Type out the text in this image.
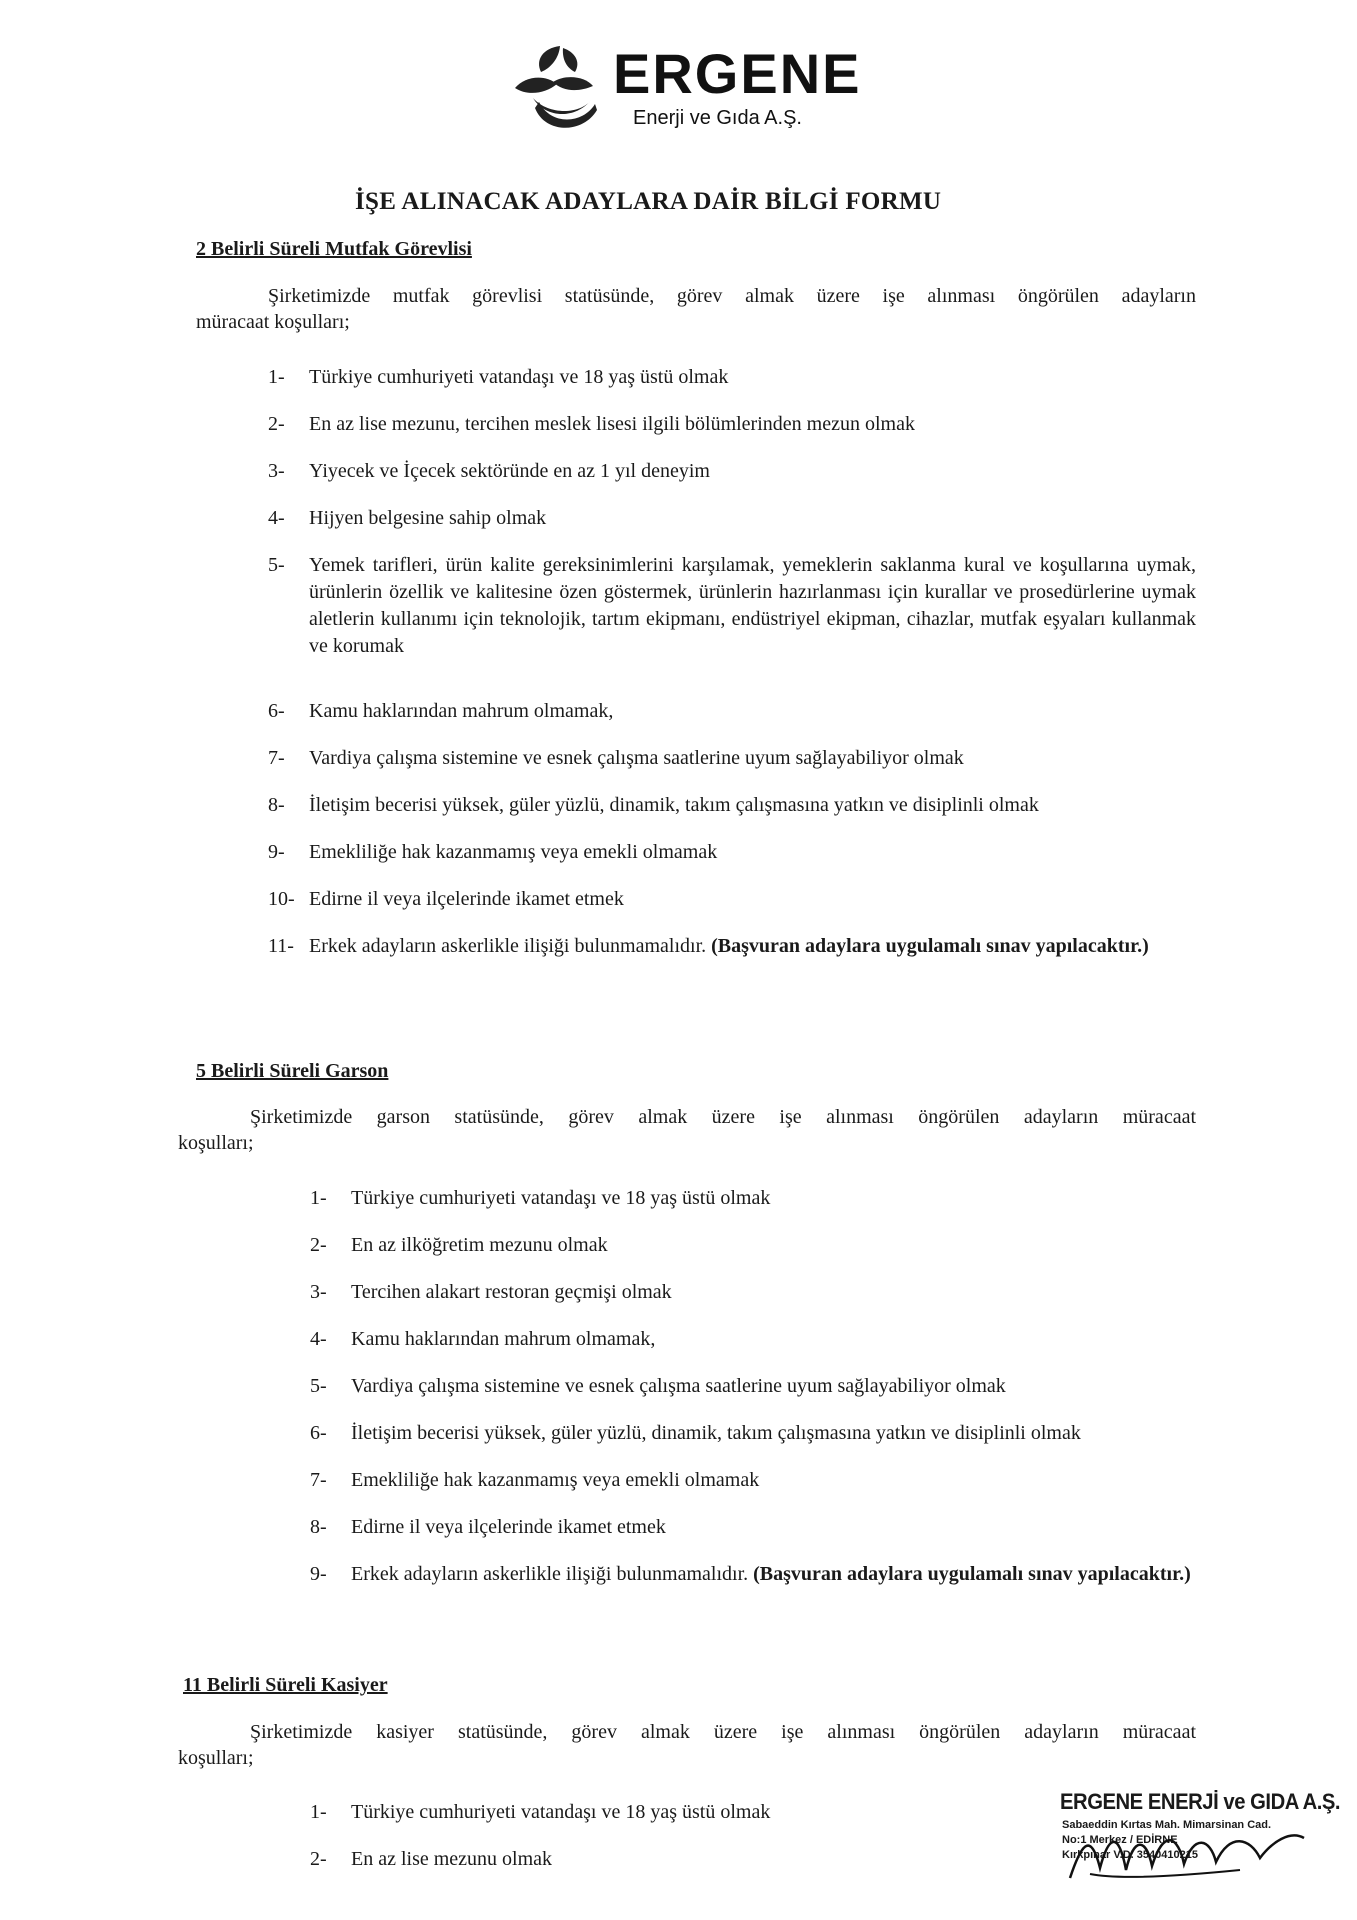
ERGENE
Enerji ve Gıda A.Ş.
İŞE ALINACAK ADAYLARA DAİR BİLGİ FORMU
2 Belirli Süreli Mutfak Görevlisi
Şirketimizde mutfak görevlisi statüsünde, görev almak üzere işe alınması öngörülen adayların
müracaat koşulları;
1- Türkiye cumhuriyeti vatandaşı ve 18 yaş üstü olmak
2- En az lise mezunu, tercihen meslek lisesi ilgili bölümlerinden mezun olmak
3- Yiyecek ve İçecek sektöründe en az 1 yıl deneyim
4- Hijyen belgesine sahip olmak
5- Yemek tarifleri, ürün kalite gereksinimlerini karşılamak, yemeklerin saklanma kural ve koşullarına uymak, ürünlerin özellik ve kalitesine özen göstermek, ürünlerin hazırlanması için kurallar ve prosedürlerine uymak aletlerin kullanımı için teknolojik, tartım ekipmanı, endüstriyel ekipman, cihazlar, mutfak eşyaları kullanmak ve korumak
6- Kamu haklarından mahrum olmamak,
7- Vardiya çalışma sistemine ve esnek çalışma saatlerine uyum sağlayabiliyor olmak
8- İletişim becerisi yüksek, güler yüzlü, dinamik, takım çalışmasına yatkın ve disiplinli olmak
9- Emekliliğe hak kazanmamış veya emekli olmamak
10- Edirne il veya ilçelerinde ikamet etmek
11- Erkek adayların askerlikle ilişiği bulunmamalıdır. (Başvuran adaylara uygulamalı sınav yapılacaktır.)
5 Belirli Süreli Garson
Şirketimizde garson statüsünde, görev almak üzere işe alınması öngörülen adayların müracaat
koşulları;
1- Türkiye cumhuriyeti vatandaşı ve 18 yaş üstü olmak
2- En az ilköğretim mezunu olmak
3- Tercihen alakart restoran geçmişi olmak
4- Kamu haklarından mahrum olmamak,
5- Vardiya çalışma sistemine ve esnek çalışma saatlerine uyum sağlayabiliyor olmak
6- İletişim becerisi yüksek, güler yüzlü, dinamik, takım çalışmasına yatkın ve disiplinli olmak
7- Emekliliğe hak kazanmamış veya emekli olmamak
8- Edirne il veya ilçelerinde ikamet etmek
9- Erkek adayların askerlikle ilişiği bulunmamalıdır. (Başvuran adaylara uygulamalı sınav yapılacaktır.)
11 Belirli Süreli Kasiyer
Şirketimizde kasiyer statüsünde, görev almak üzere işe alınması öngörülen adayların müracaat
koşulları;
1- Türkiye cumhuriyeti vatandaşı ve 18 yaş üstü olmak
2- En az lise mezunu olmak
ERGENE ENERJİ ve GIDA A.Ş.
Sabaeddin Kırtas Mah. Mimarsinan Cad.
No:1 Merkez / EDİRNE
Kırkpınar V.D. 3540410215
